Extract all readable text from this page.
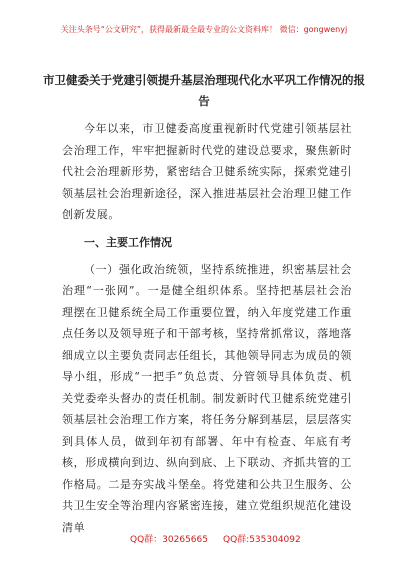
关注头条号“公文研究”，获得最新最全最专业的公文资料库！ 微信：gongwenyj
市卫健委关于党建引领提升基层治理现代化水平巩工作情况的报告

今年以来，市卫健委高度重视新时代党建引领基层社会治理工作，牢牢把握新时代党的建设总要求，聚焦新时代社会治理新形势，紧密结合卫健系统实际，探索党建引领基层社会治理新途径，深入推进基层社会治理卫健工作创新发展。

一、主要工作情况

（一）强化政治统领，坚持系统推进，织密基层社会治理“一张网”。一是健全组织体系。坚持把基层社会治理摆在卫健系统全局工作重要位置，纳入年度党建工作重点任务以及领导班子和干部考核，坚持常抓常议，落地落细成立以主要负责同志任组长，其他领导同志为成员的领导小组，形成“一把手”负总责、分管领导具体负责、机关党委牵头督办的责任机制。制发新时代卫健系统党建引领基层社会治理工作方案，将任务分解到基层，层层落实到具体人员，做到年初有部署、年中有检查、年底有考核，形成横向到边、纵向到底、上下联动、齐抓共管的工作格局。二是夯实战斗堡垒。将党建和公共卫生服务、公共卫生安全等治理内容紧密连接，建立党组织规范化建设清单

QQ群：30265665 QQ群:535304092
